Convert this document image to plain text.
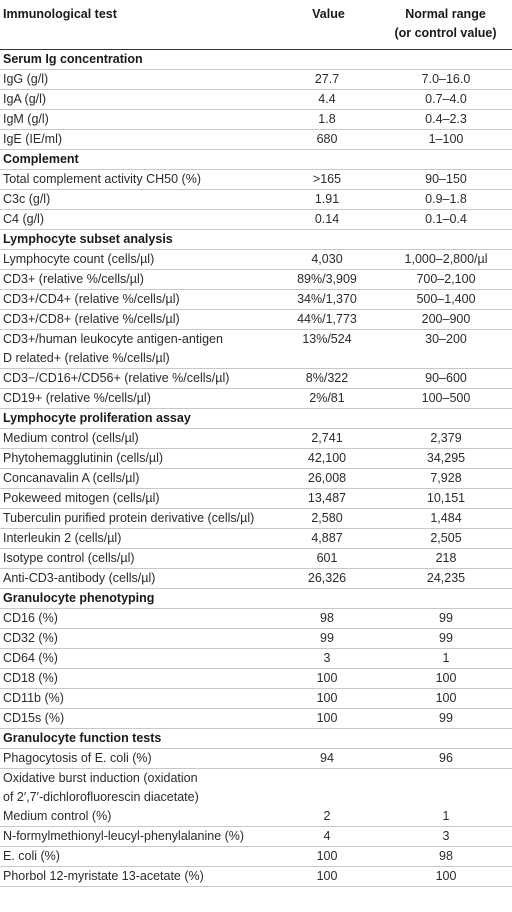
Immunological test	Value	Normal range
(or control value)
Serum Ig concentration		
IgG (g/l)	27.7	7.0–16.0
IgA (g/l)	4.4	0.7–4.0
IgM (g/l)	1.8	0.4–2.3
IgE (IE/ml)	680	1–100
Complement		
Total complement activity CH50 (%)	>165	90–150
C3c (g/l)	1.91	0.9–1.8
C4 (g/l)	0.14	0.1–0.4
Lymphocyte subset analysis		
Lymphocyte count (cells/µl)	4,030	1,000–2,800/µl
CD3+ (relative %/cells/µl)	89%/3,909	700–2,100
CD3+/CD4+ (relative %/cells/µl)	34%/1,370	500–1,400
CD3+/CD8+ (relative %/cells/µl)	44%/1,773	200–900
CD3+/human leukocyte antigen-antigen
D related+ (relative %/cells/µl)	13%/524	30–200
CD3−/CD16+/CD56+ (relative %/cells/µl)	8%/322	90–600
CD19+ (relative %/cells/µl)	2%/81	100–500
Lymphocyte proliferation assay		
Medium control (cells/µl)	2,741	2,379
Phytohemagglutinin (cells/µl)	42,100	34,295
Concanavalin A (cells/µl)	26,008	7,928
Pokeweed mitogen (cells/µl)	13,487	10,151
Tuberculin purified protein derivative (cells/µl)	2,580	1,484
Interleukin 2 (cells/µl)	4,887	2,505
Isotype control (cells/µl)	601	218
Anti-CD3-antibody (cells/µl)	26,326	24,235
Granulocyte phenotyping		
CD16 (%)	98	99
CD32 (%)	99	99
CD64 (%)	3	1
CD18 (%)	100	100
CD11b (%)	100	100
CD15s (%)	100	99
Granulocyte function tests		
Phagocytosis of E. coli (%)	94	96
Oxidative burst induction (oxidation
of 2′,7′-dichlorofluorescin diacetate)		
Medium control (%)	2	1
N-formylmethionyl-leucyl-phenylalanine (%)	4	3
E. coli (%)	100	98
Phorbol 12-myristate 13-acetate (%)	100	100
